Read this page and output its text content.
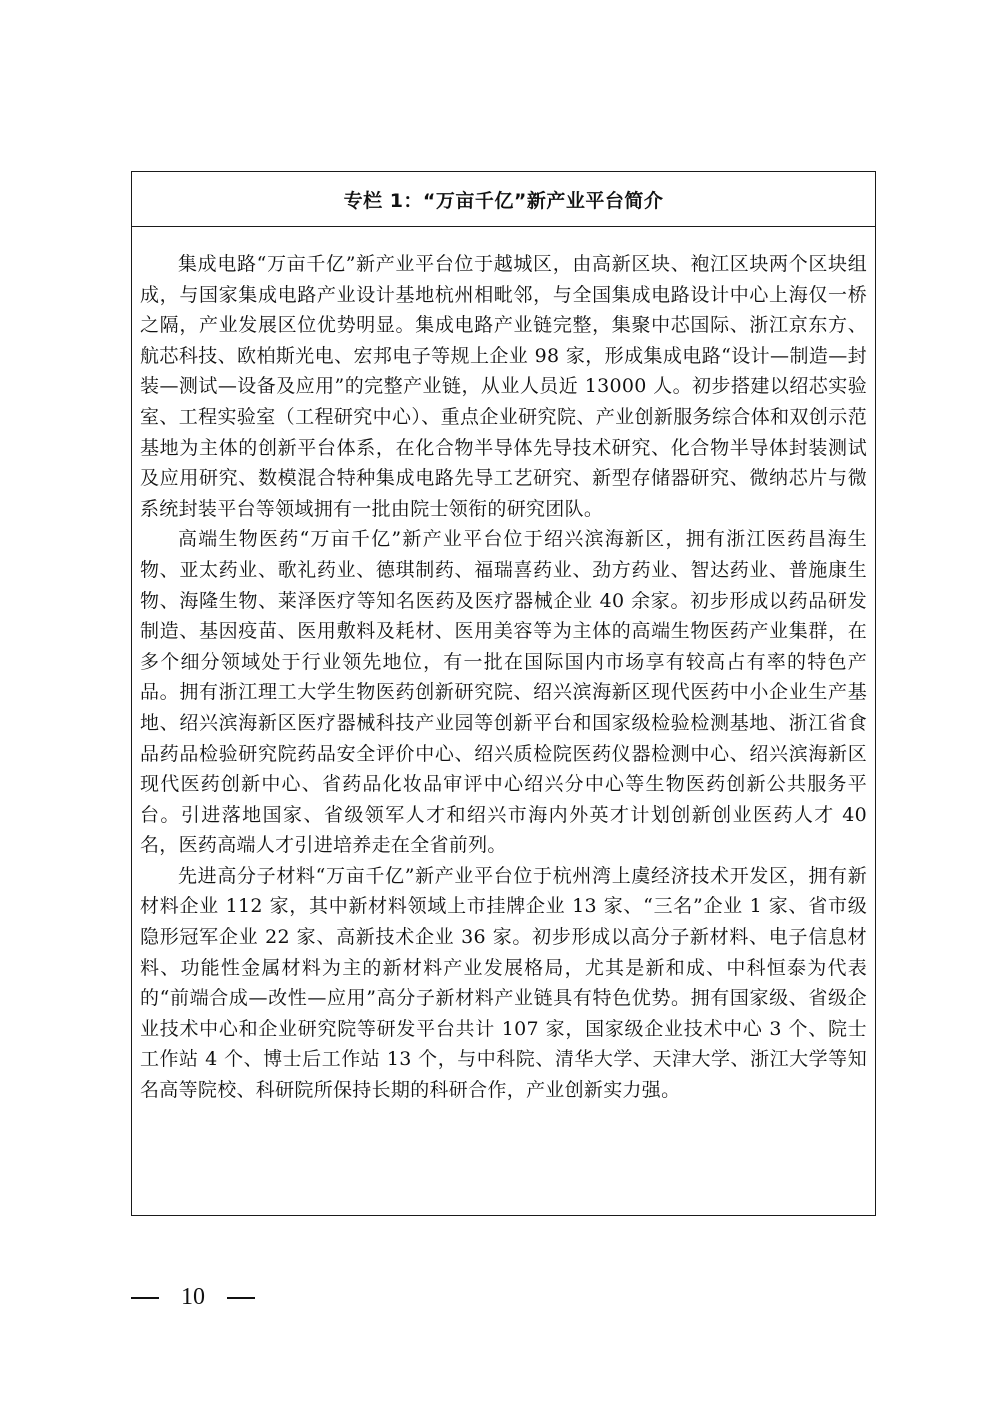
专栏 1：“万亩千亿”新产业平台简介

集成电路“万亩千亿”新产业平台位于越城区，由高新区块、袍江区块两个区块组成，与国家集成电路产业设计基地杭州相毗邻，与全国集成电路设计中心上海仅一桥之隔，产业发展区位优势明显。集成电路产业链完整，集聚中芯国际、浙江京东方、航芯科技、欧柏斯光电、宏邦电子等规上企业 98 家，形成集成电路“设计—制造—封装—测试—设备及应用”的完整产业链，从业人员近 13000 人。初步搭建以绍芯实验室、工程实验室（工程研究中心）、重点企业研究院、产业创新服务综合体和双创示范基地为主体的创新平台体系，在化合物半导体先导技术研究、化合物半导体封装测试及应用研究、数模混合特种集成电路先导工艺研究、新型存储器研究、微纳芯片与微系统封装平台等领域拥有一批由院士领衔的研究团队。

高端生物医药“万亩千亿”新产业平台位于绍兴滨海新区，拥有浙江医药昌海生物、亚太药业、歌礼药业、德琪制药、福瑞喜药业、劲方药业、智达药业、普施康生物、海隆生物、莱泽医疗等知名医药及医疗器械企业 40 余家。初步形成以药品研发制造、基因疫苗、医用敷料及耗材、医用美容等为主体的高端生物医药产业集群，在多个细分领域处于行业领先地位，有一批在国际国内市场享有较高占有率的特色产品。拥有浙江理工大学生物医药创新研究院、绍兴滨海新区现代医药中小企业生产基地、绍兴滨海新区医疗器械科技产业园等创新平台和国家级检验检测基地、浙江省食品药品检验研究院药品安全评价中心、绍兴质检院医药仪器检测中心、绍兴滨海新区现代医药创新中心、省药品化妆品审评中心绍兴分中心等生物医药创新公共服务平台。引进落地国家、省级领军人才和绍兴市海内外英才计划创新创业医药人才 40 名，医药高端人才引进培养走在全省前列。

先进高分子材料“万亩千亿”新产业平台位于杭州湾上虞经济技术开发区，拥有新材料企业 112 家，其中新材料领域上市挂牌企业 13 家、“三名”企业 1 家、省市级隐形冠军企业 22 家、高新技术企业 36 家。初步形成以高分子新材料、电子信息材料、功能性金属材料为主的新材料产业发展格局，尤其是新和成、中科恒泰为代表的“前端合成—改性—应用”高分子新材料产业链具有特色优势。拥有国家级、省级企业技术中心和企业研究院等研发平台共计 107 家，国家级企业技术中心 3 个、院士工作站 4 个、博士后工作站 13 个，与中科院、清华大学、天津大学、浙江大学等知名高等院校、科研院所保持长期的科研合作，产业创新实力强。

10
